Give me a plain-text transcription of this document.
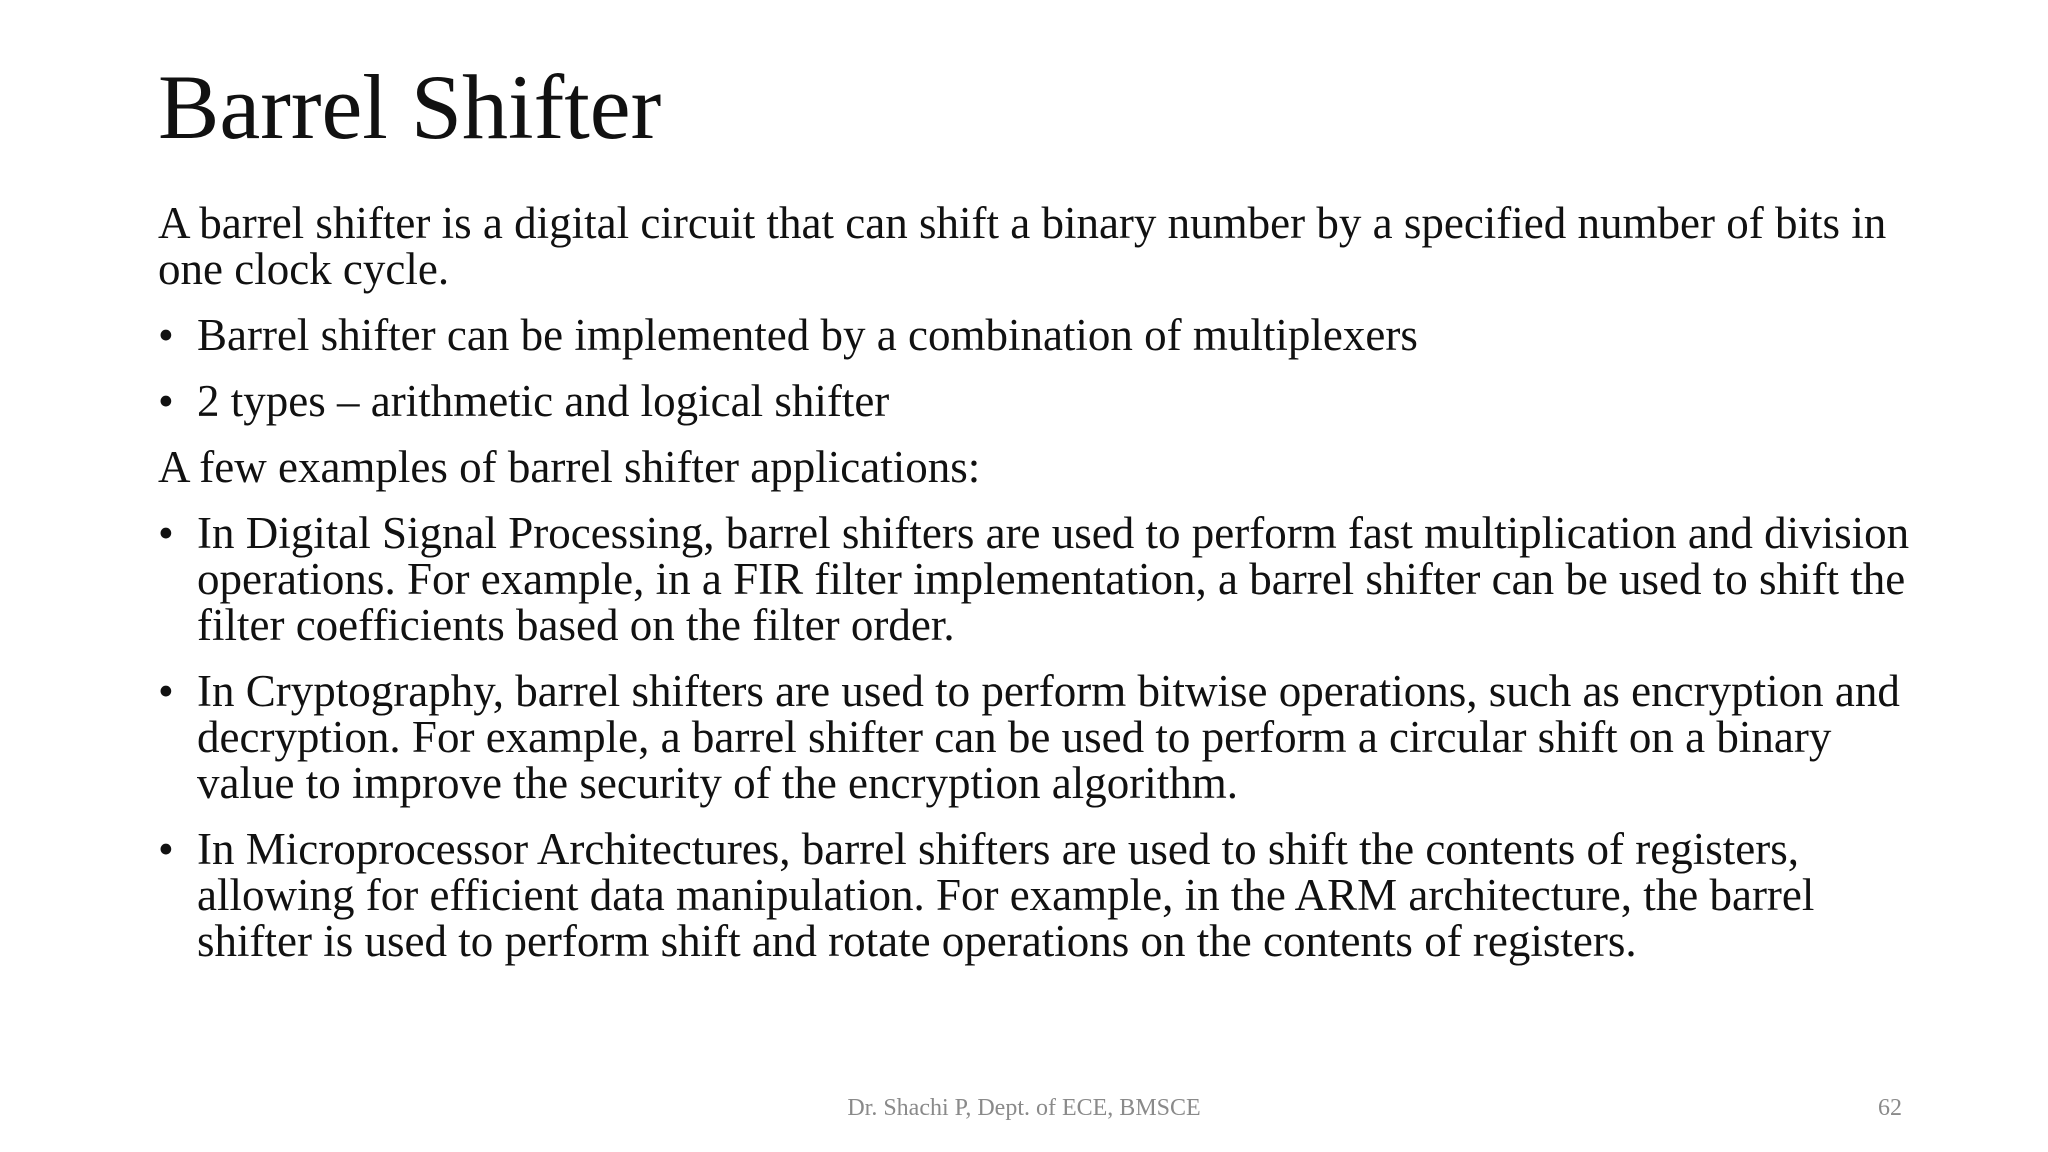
Barrel Shifter

A barrel shifter is a digital circuit that can shift a binary number by a specified number of bits in one clock cycle.

• Barrel shifter can be implemented by a combination of multiplexers
• 2 types – arithmetic and logical shifter

A few examples of barrel shifter applications:

• In Digital Signal Processing, barrel shifters are used to perform fast multiplication and division operations. For example, in a FIR filter implementation, a barrel shifter can be used to shift the filter coefficients based on the filter order.
• In Cryptography, barrel shifters are used to perform bitwise operations, such as encryption and decryption. For example, a barrel shifter can be used to perform a circular shift on a binary value to improve the security of the encryption algorithm.
• In Microprocessor Architectures, barrel shifters are used to shift the contents of registers, allowing for efficient data manipulation. For example, in the ARM architecture, the barrel shifter is used to perform shift and rotate operations on the contents of registers.
Dr. Shachi P, Dept. of ECE, BMSCE	62
